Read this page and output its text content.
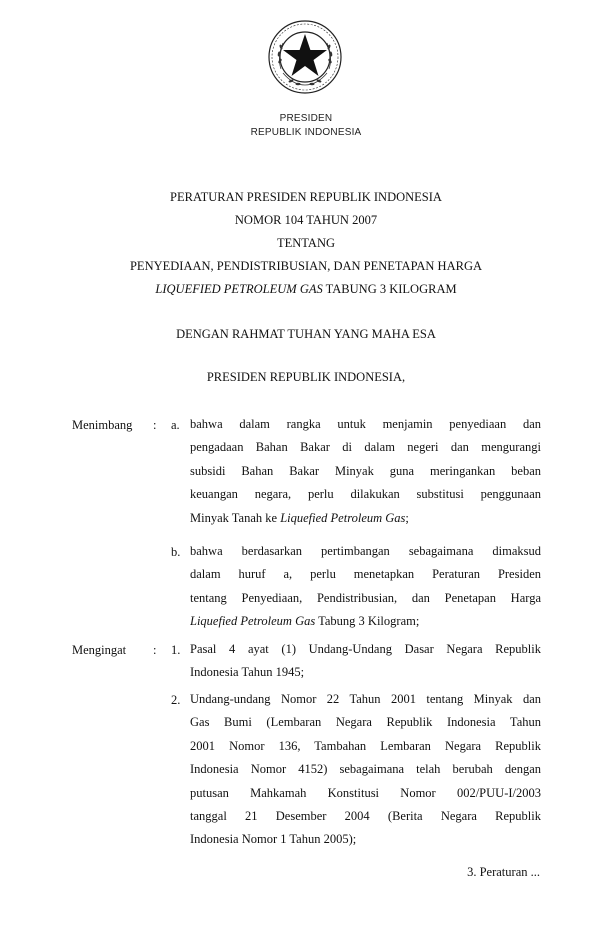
PRESIDEN
REPUBLIK INDONESIA
PERATURAN PRESIDEN REPUBLIK INDONESIA
NOMOR 104 TAHUN 2007
TENTANG
PENYEDIAAN, PENDISTRIBUSIAN, DAN PENETAPAN HARGA
LIQUEFIED PETROLEUM GAS TABUNG 3 KILOGRAM
DENGAN RAHMAT TUHAN YANG MAHA ESA
PRESIDEN REPUBLIK INDONESIA,
Menimbang : a. bahwa dalam rangka untuk menjamin penyediaan dan
pengadaan Bahan Bakar di dalam negeri dan mengurangi
subsidi Bahan Bakar Minyak guna meringankan beban
keuangan negara, perlu dilakukan substitusi penggunaan
Minyak Tanah ke Liquefied Petroleum Gas;
b. bahwa berdasarkan pertimbangan sebagaimana dimaksud
dalam huruf a, perlu menetapkan Peraturan Presiden
tentang Penyediaan, Pendistribusian, dan Penetapan Harga
Liquefied Petroleum Gas Tabung 3 Kilogram;
Mengingat : 1. Pasal 4 ayat (1) Undang-Undang Dasar Negara Republik
Indonesia Tahun 1945;
2. Undang-undang Nomor 22 Tahun 2001 tentang Minyak dan
Gas Bumi (Lembaran Negara Republik Indonesia Tahun
2001 Nomor 136, Tambahan Lembaran Negara Republik
Indonesia Nomor 4152) sebagaimana telah berubah dengan
putusan Mahkamah Konstitusi Nomor 002/PUU-I/2003
tanggal 21 Desember 2004 (Berita Negara Republik
Indonesia Nomor 1 Tahun 2005);
3. Peraturan ...
